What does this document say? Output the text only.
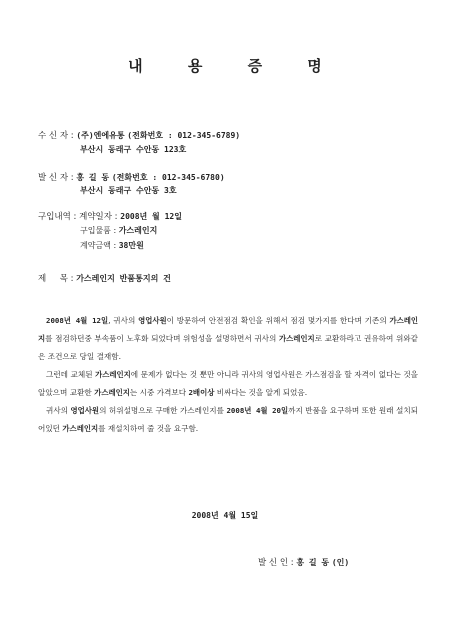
내 용 증 명
수 신 자 : (주)엔에유통 (전화번호 : 012-345-6789)
부산시 동래구 수안동 123호
발 신 자 : 홍 길 동 (전화번호 : 012-345-6780)
부산시 동래구 수안동 3호
구입내역 : 계약일자 : 2008년 월 12일
구입물품 : 가스레인지
계약금액 : 38만원
제     목 : 가스레인지 반품통지의 건

2008년 4월 12일, 귀사의 영업사원이 방문하여 안전점검 확인을 위해서 점검 몇가지를 한다며 기존의 가스레인지를 점검하던중 부속품이 노후화 되었다며 위험성을 설명하면서 귀사의 가스레인지로 교환하라고 권유하여 위와같은 조건으로 당일 결재함.

그런데 교체된 가스레인지에 문제가 없다는 것 뿐만 아니라 귀사의 영업사원은 가스점검을 할 자격이 없다는 것을 알았으며 교환한 가스레인지는 시중 가격보다 2배이상 비싸다는 것을 알게 되었음.

귀사의 영업사원의 허위설명으로 구매한 가스레인지를 2008년 4월 20일까지 반품을 요구하며 또한 원래 설치되어있던 가스레인지를 재설치하여 줄 것을 요구함.

2008년 4월 15일
발 신 인 : 홍 길 동 (인)
